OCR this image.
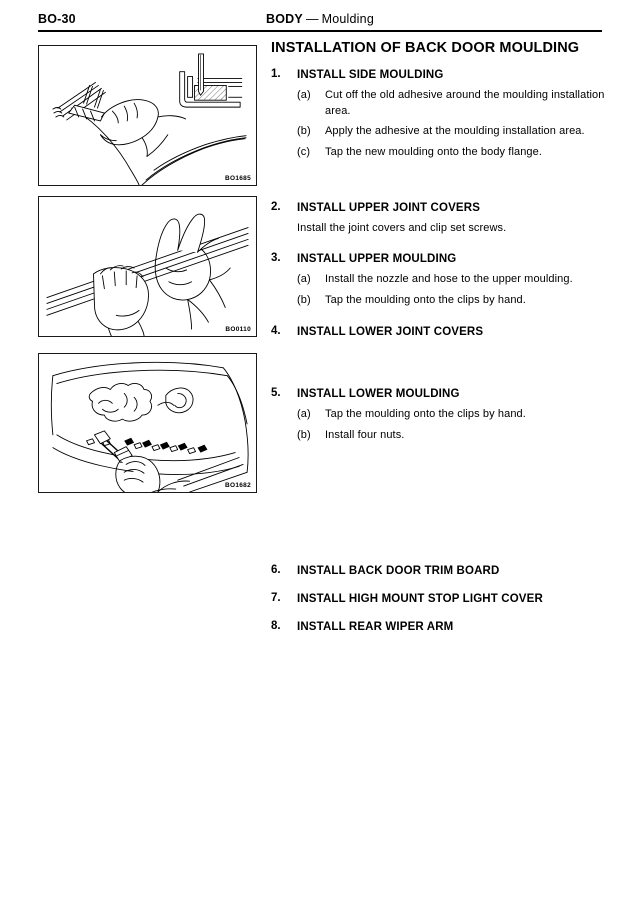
BO-30	BODY — Moulding
BO1685
BO0110
BO1682
INSTALLATION OF BACK DOOR MOULDING
1. INSTALL SIDE MOULDING
(a) Cut off the old adhesive around the moulding installation area.
(b) Apply the adhesive at the moulding installation area.
(c) Tap the new moulding onto the body flange.
2. INSTALL UPPER JOINT COVERS
Install the joint covers and clip set screws.
3. INSTALL UPPER MOULDING
(a) Install the nozzle and hose to the upper moulding.
(b) Tap the moulding onto the clips by hand.
4. INSTALL LOWER JOINT COVERS
5. INSTALL LOWER MOULDING
(a) Tap the moulding onto the clips by hand.
(b) Install four nuts.
6. INSTALL BACK DOOR TRIM BOARD
7. INSTALL HIGH MOUNT STOP LIGHT COVER
8. INSTALL REAR WIPER ARM
